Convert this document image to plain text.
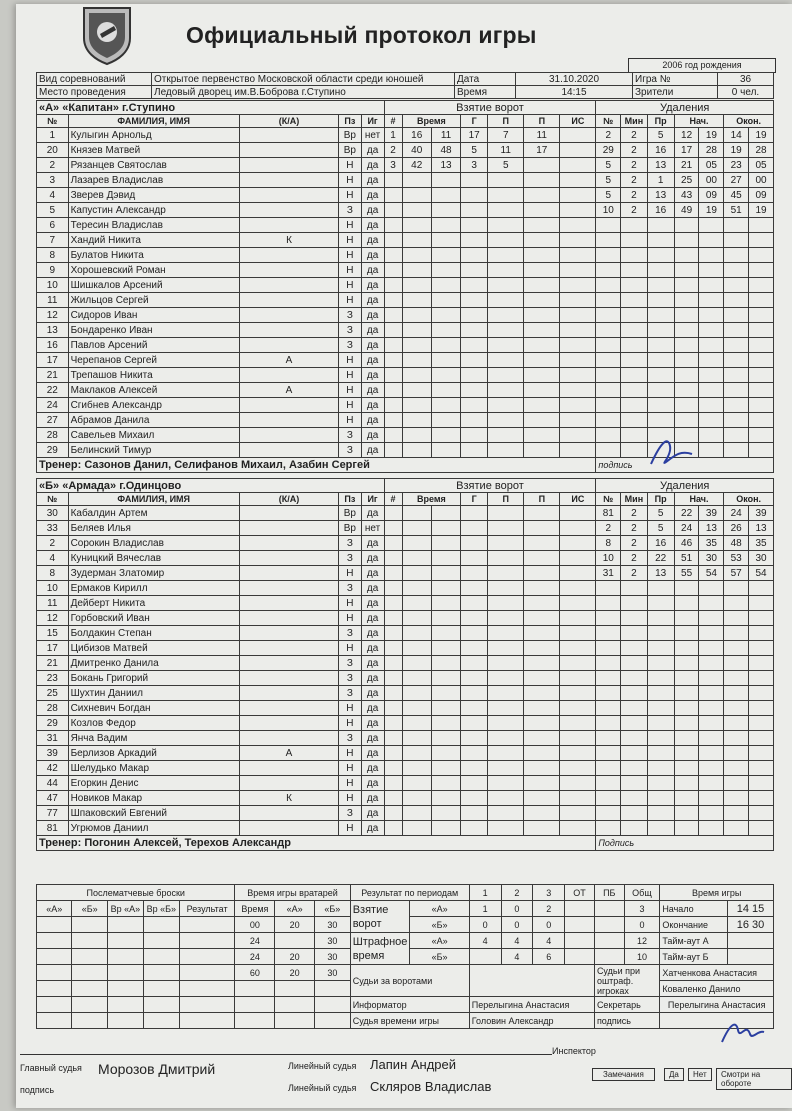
Официальный протокол игры
2006 год рождения
Вид соревнований	Открытое первенство Московской области среди юношей	Дата	31.10.2020	Игра №	36
Место проведения	Ледовый дворец им.В.Боброва г.Ступино	Время	14:15	Зрители	0 чел.
«А» «Капитан» г.Ступино					Взятие ворот							Удаления						
№	ФАМИЛИЯ, ИМЯ	(К/А)	Пз	Иг	#	Время		Г	П	П	ИС	№	Мин	Пр	Нач.		Окон.	
1	Кулыгин Арнольд		Вр	нет	1	16	11	17	7	11		2	2	5	12	19	14	19
20	Князев Матвей		Вр	да	2	40	48	5	11	17		29	2	16	17	28	19	28
2	Рязанцев Святослав		Н	да	3	42	13	3	5			5	2	13	21	05	23	05
3	Лазарев Владислав		Н	да								5	2	1	25	00	27	00
4	Зверев Дэвид		Н	да								5	2	13	43	09	45	09
5	Капустин Александр		З	да								10	2	16	49	19	51	19
6	Тересин Владислав		Н	да														
7	Хандий Никита	К	Н	да														
8	Булатов Никита		Н	да														
9	Хорошевский Роман		Н	да														
10	Шишкалов Арсений		Н	да														
11	Жильцов Сергей		Н	да														
12	Сидоров Иван		З	да														
13	Бондаренко Иван		З	да														
16	Павлов Арсений		З	да														
17	Черепанов Сергей	А	Н	да														
21	Трепашов Никита		Н	да														
22	Маклаков Алексей	А	Н	да														
24	Сгибнев Александр		Н	да														
27	Абрамов Данила		Н	да														
28	Савельев Михаил		З	да														
29	Белинский Тимур		З	да														
Тренер: Сазонов Данил, Селифанов Михаил, Азабин Сергей												подпись						
«Б» «Армада» г.Одинцово					Взятие ворот							Удаления						
№	ФАМИЛИЯ, ИМЯ	(К/А)	Пз	Иг	#	Время		Г	П	П	ИС	№	Мин	Пр	Нач.		Окон.	
30	Кабалдин Артем		Вр	да								81	2	5	22	39	24	39
33	Беляев Илья		Вр	нет								2	2	5	24	13	26	13
2	Сорокин Владислав		З	да								8	2	16	46	35	48	35
4	Куницкий Вячеслав		З	да								10	2	22	51	30	53	30
8	Зудерман Златомир		Н	да								31	2	13	55	54	57	54
10	Ермаков Кирилл		З	да														
11	Дейберт Никита		Н	да														
12	Горбовский Иван		Н	да														
15	Болдакин Степан		З	да														
17	Цибизов Матвей		Н	да														
21	Дмитренко Данила		З	да														
23	Бокань Григорий		З	да														
25	Шухтин Даниил		З	да														
28	Сихневич Богдан		Н	да														
29	Козлов Федор		Н	да														
31	Янча Вадим		З	да														
39	Берлизов Аркадий	А	Н	да														
42	Шелудько Макар		Н	да														
44	Егоркин Денис		Н	да														
47	Новиков Макар	К	Н	да														
77	Шпаковский Евгений		З	да														
81	Угрюмов Даниил		Н	да														
Тренер: Погонин Алексей, Терехов Александр												Подпись						
Послематчевые броски					Время игры вратарей			Результат по периодам		1	2	3	ОТ	ПБ	Общ	Время игры	
«А»	«Б»	Вр «А»	Вр «Б»	Результат	Время	«А»	«Б»	Взятие ворот	«А»	1	0	2			3	Начало	14 15
					00	20	30		«Б»	0	0	0			0	Окончание	16 30
					24		30	Штрафное время	«А»	4	4	4			12	Тайм-аут А	
					24	20	30		«Б»		4	6			10	Тайм-аут Б	
					60	20	30	Судьи за воротами						Судьи при оштраф. игроках		Хатченкова Анастасия	
																Коваленко Данило	
								Информатор		Перелыгина Анастасия				Секретарь		Перелыгина Анастасия	
								Судья времени игры		Головин Александр				подпись			
Главный судья Морозов Дмитрий
подпись
Линейный судья Лапин Андрей
Линейный судья Скляров Владислав
Инспектор
Замечания	Да	Нет	Смотри на обороте
